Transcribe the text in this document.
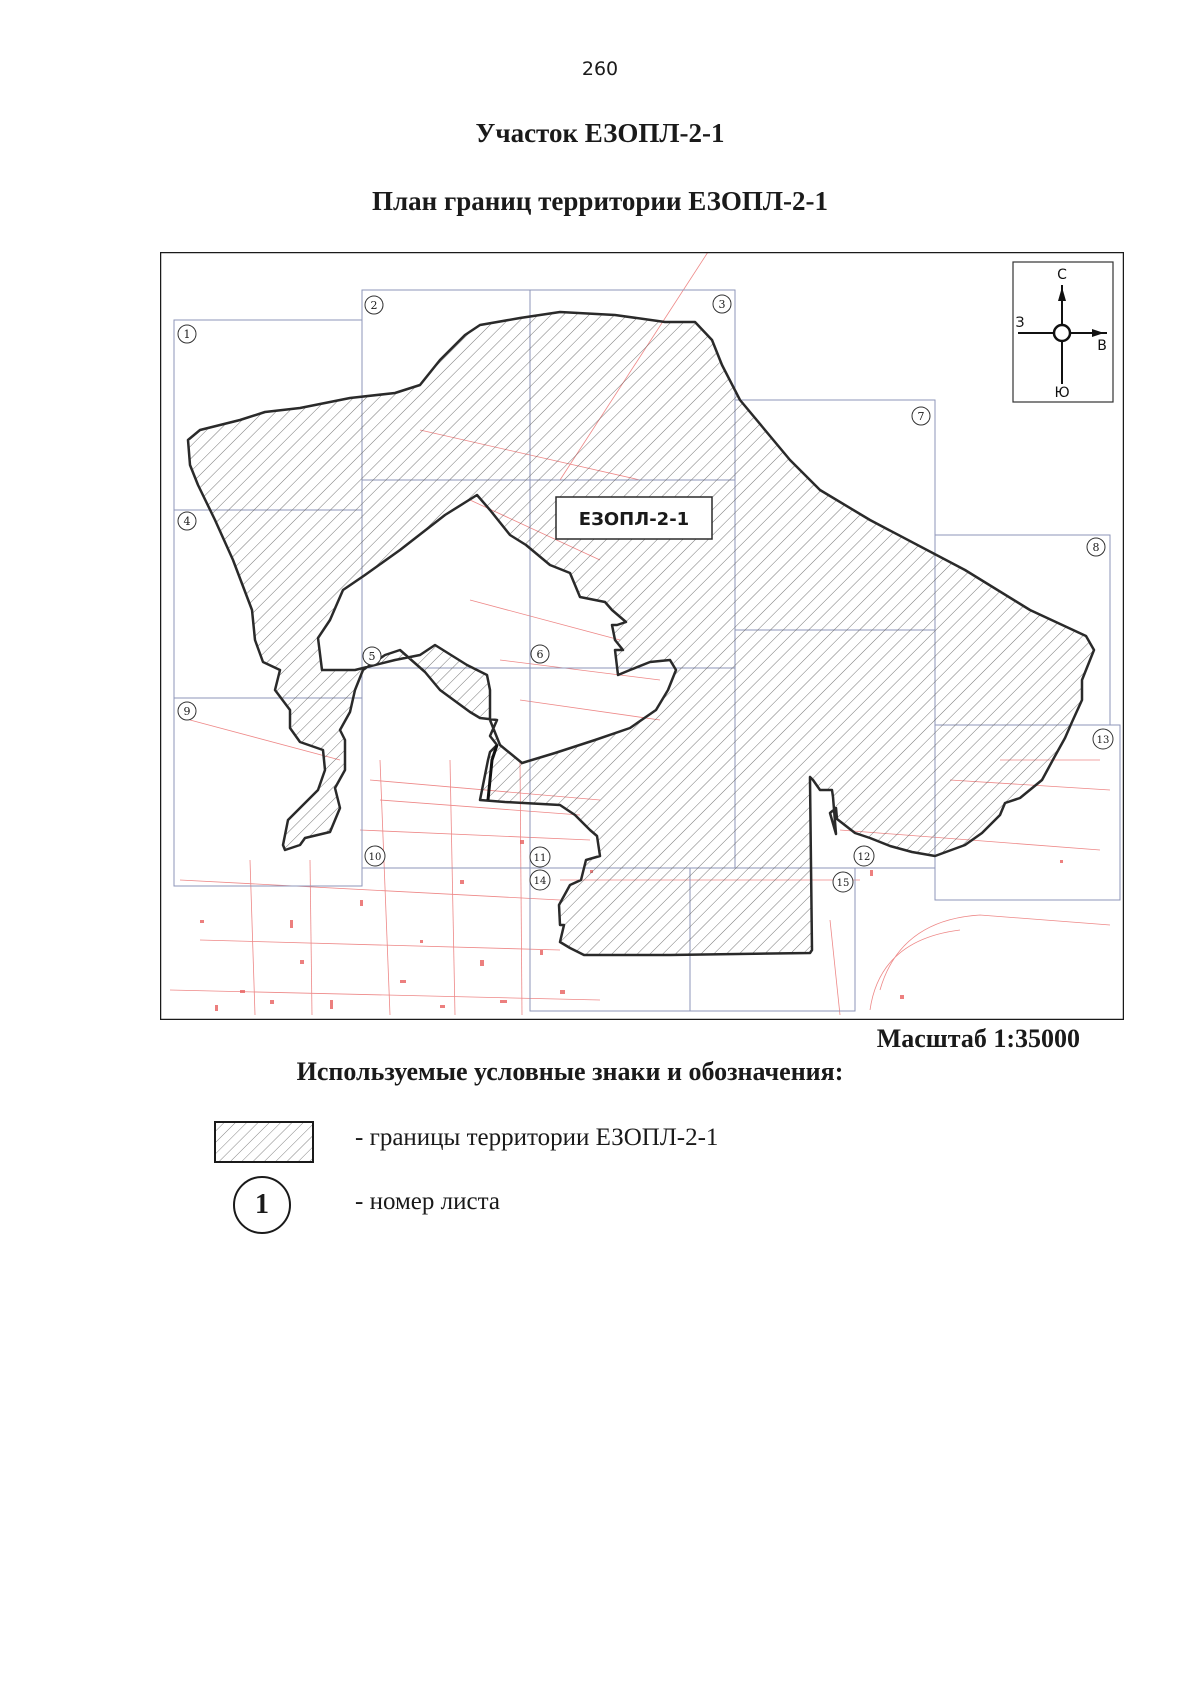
260
Участок ЕЗОПЛ-2-1
План границ территории ЕЗОПЛ-2-1
ЕЗОПЛ-2-1
1
2	3
4
5	6
7
8
9
10	11	12
13
14	15
С
Ю
З
В
Масштаб 1:35000
Используемые условные знаки и обозначения:
- границы территории ЕЗОПЛ-2-1
1	- номер листа
